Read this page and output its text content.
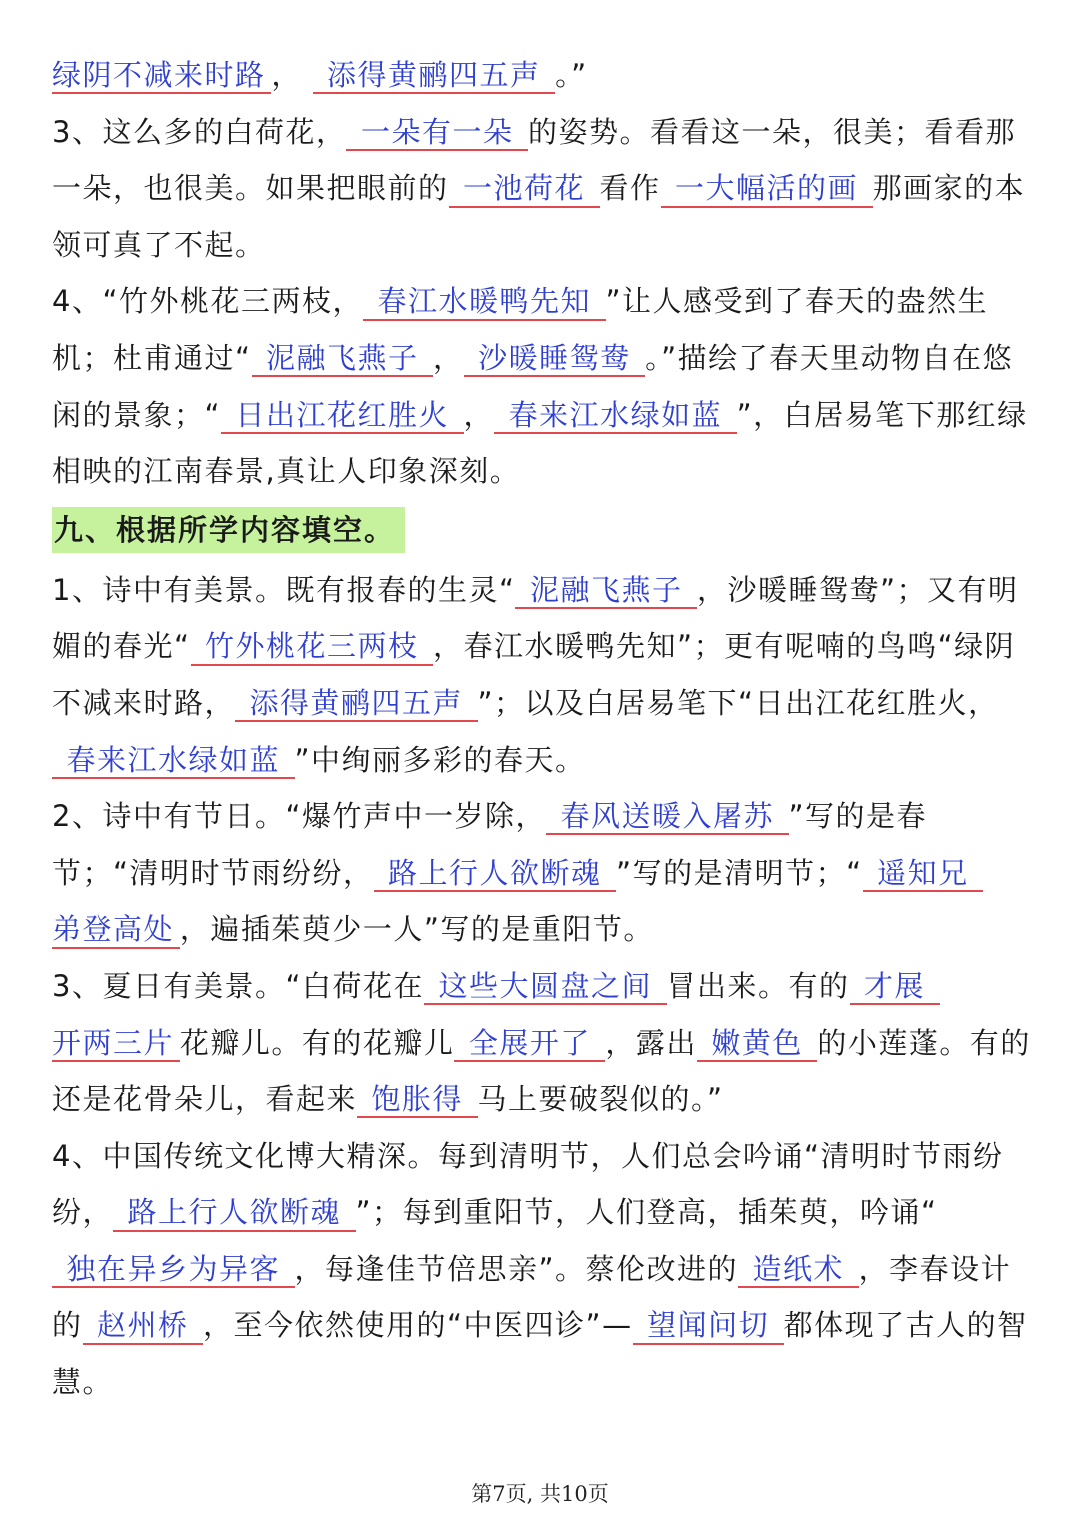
绿阴不减来时路 ， 添得黄鹂四五声 。”

3、这么多的白荷花， 一朵有一朵 的姿势。看看这一朵，很美；看看那一朵，也很美。如果把眼前的 一池荷花 看作 一大幅活的画 那画家的本领可真了不起。

4、“竹外桃花三两枝， 春江水暖鸭先知 ”让人感受到了春天的盎然生机；杜甫通过“ 泥融飞燕子 ， 沙暖睡鸳鸯 。”描绘了春天里动物自在悠闲的景象；“ 日出江花红胜火 ， 春来江水绿如蓝 ”，白居易笔下那红绿相映的江南春景,真让人印象深刻。

九、根据所学内容填空。

1、诗中有美景。既有报春的生灵“ 泥融飞燕子 ，沙暖睡鸳鸯”；又有明媚的春光“ 竹外桃花三两枝 ，春江水暖鸭先知”；更有呢喃的鸟鸣“绿阴不减来时路， 添得黄鹂四五声 ”；以及白居易笔下“日出江花红胜火，春来江水绿如蓝 ”中绚丽多彩的春天。

2、诗中有节日。“爆竹声中一岁除， 春风送暖入屠苏 ”写的是春节；“清明时节雨纷纷， 路上行人欲断魂 ”写的是清明节；“ 遥知兄弟登高处 ，遍插茱萸少一人”写的是重阳节。

3、夏日有美景。“白荷花在 这些大圆盘之间 冒出来。有的 才展开两三片 花瓣儿。有的花瓣儿 全展开了 ，露出 嫩黄色 的小莲蓬。有的还是花骨朵儿，看起来 饱胀得 马上要破裂似的。”

4、中国传统文化博大精深。每到清明节，人们总会吟诵“清明时节雨纷纷， 路上行人欲断魂 ”；每到重阳节，人们登高，插茱萸，吟诵“独在异乡为异客 ，每逢佳节倍思亲”。蔡伦改进的 造纸术 ，李春设计的 赵州桥 ，至今依然使用的“中医四诊”— 望闻问切 都体现了古人的智慧。

第7页, 共10页
